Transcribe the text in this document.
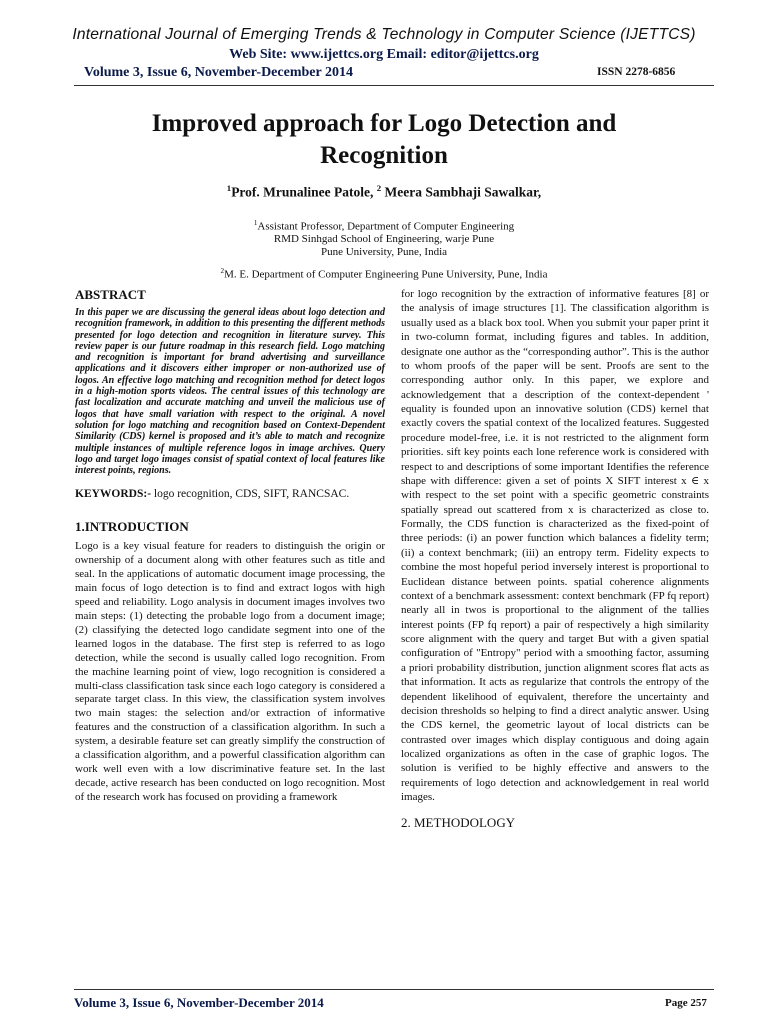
International Journal of Emerging Trends & Technology in Computer Science (IJETTCS)
Web Site: www.ijettcs.org Email: editor@ijettcs.org
Volume 3, Issue 6, November-December 2014	ISSN 2278-6856
Improved approach for Logo Detection and Recognition
$^1$Prof. Mrunalinee Patole, $^2$ Meera Sambhaji Sawalkar,
$^1$Assistant Professor, Department of Computer Engineering
RMD Sinhgad School of Engineering, warje Pune
Pune University, Pune, India
$^2$M. E. Department of Computer Engineering Pune University, Pune, India
ABSTRACT

In this paper we are discussing the general ideas about logo detection and recognition framework, in addition to this presenting the different methods presented for logo detection and recognition in literature survey. This review paper is our future roadmap in this research field. Logo matching and recognition is important for brand advertising and surveillance applications and it discovers either improper or non-authorized use of logos. An effective logo matching and recognition method for detect logos in a high-motion sports videos. The central issues of this technology are fast localization and accurate matching and unveil the malicious use of logos that have small variation with respect to the original. A novel solution for logo matching and recognition based on Context-Dependent Similarity (CDS) kernel is proposed and it’s able to match and recognize multiple instances of multiple reference logos in image archives. Query logo and target logo images consist of spatial context of local features like interest points, regions.

KEYWORDS:- logo recognition, CDS, SIFT, RANCSAC.

1.INTRODUCTION

Logo is a key visual feature for readers to distinguish the origin or ownership of a document along with other features such as title and seal. In the applications of automatic document image processing, the main focus of logo detection is to find and extract logos with high speed and reliability. Logo analysis in document images involves two main steps: (1) detecting the probable logo from a document image; (2) classifying the detected logo candidate segment into one of the learned logos in the database. The first step is referred to as logo detection, while the second is usually called logo recognition. From the machine learning point of view, logo recognition is considered a multi-class classification task since each logo category is considered a separate target class. In this view, the classification system involves two main stages: the selection and/or extraction of informative features and the construction of a classification algorithm. In such a system, a desirable feature set can greatly simplify the construction of a classification algorithm, and a powerful classification algorithm can work well even with a low discriminative feature set. In the last decade, active research has been conducted on logo recognition. Most of the research work has focused on providing a framework

for logo recognition by the extraction of informative features [8] or the analysis of image structures [1]. The classification algorithm is usually used as a black box tool. When you submit your paper print it in two-column format, including figures and tables. In addition, designate one author as the “corresponding author”. This is the author to whom proofs of the paper will be sent. Proofs are sent to the corresponding author only. In this paper, we explore and acknowledgement that a description of the context-dependent ' equality is founded upon an innovative solution (CDS) kernel that exactly covers the spatial context of the localized features. Suggested procedure model-free, i.e. it is not restricted to the alignment form priorities. sift key points each lone reference work is considered with respect to and descriptions of some important Identifies the reference shape with difference: given a set of points X SIFT interest x ∈ x with respect to the set point with a specific geometric constraints spatially spread out scattered from x is characterized as close to. Formally, the CDS function is characterized as the fixed-point of three periods: (i) an power function which balances a fidelity term; (ii) a context benchmark; (iii) an entropy term. Fidelity expects to combine the most hopeful period inversely interest is proportional to Euclidean distance between points. spatial coherence alignments context of a benchmark assessment: context benchmark (FP fq report) nearly all in twos is proportional to the alignment of the tallies interest points (FP fq report) a pair of respectively a high similarity score alignment with the query and target But with a given spatial configuration of "Entropy" period with a smoothing factor, assuming a priori probability distribution, junction alignment scores flat acts as that information. It acts as regularize that controls the entropy of the dependent likelihood of equivalent, therefore the uncertainty and decision thresholds so helping to find a direct analytic answer. Using the CDS kernel, the geometric layout of local districts can be contrasted over images which display contiguous and doing again localized organizations as often in the case of graphic logos. The solution is verified to be highly effective and answers to the requirements of logo detection and acknowledgement in real world images.

2. METHODOLOGY
Volume 3, Issue 6, November-December 2014	Page 257
